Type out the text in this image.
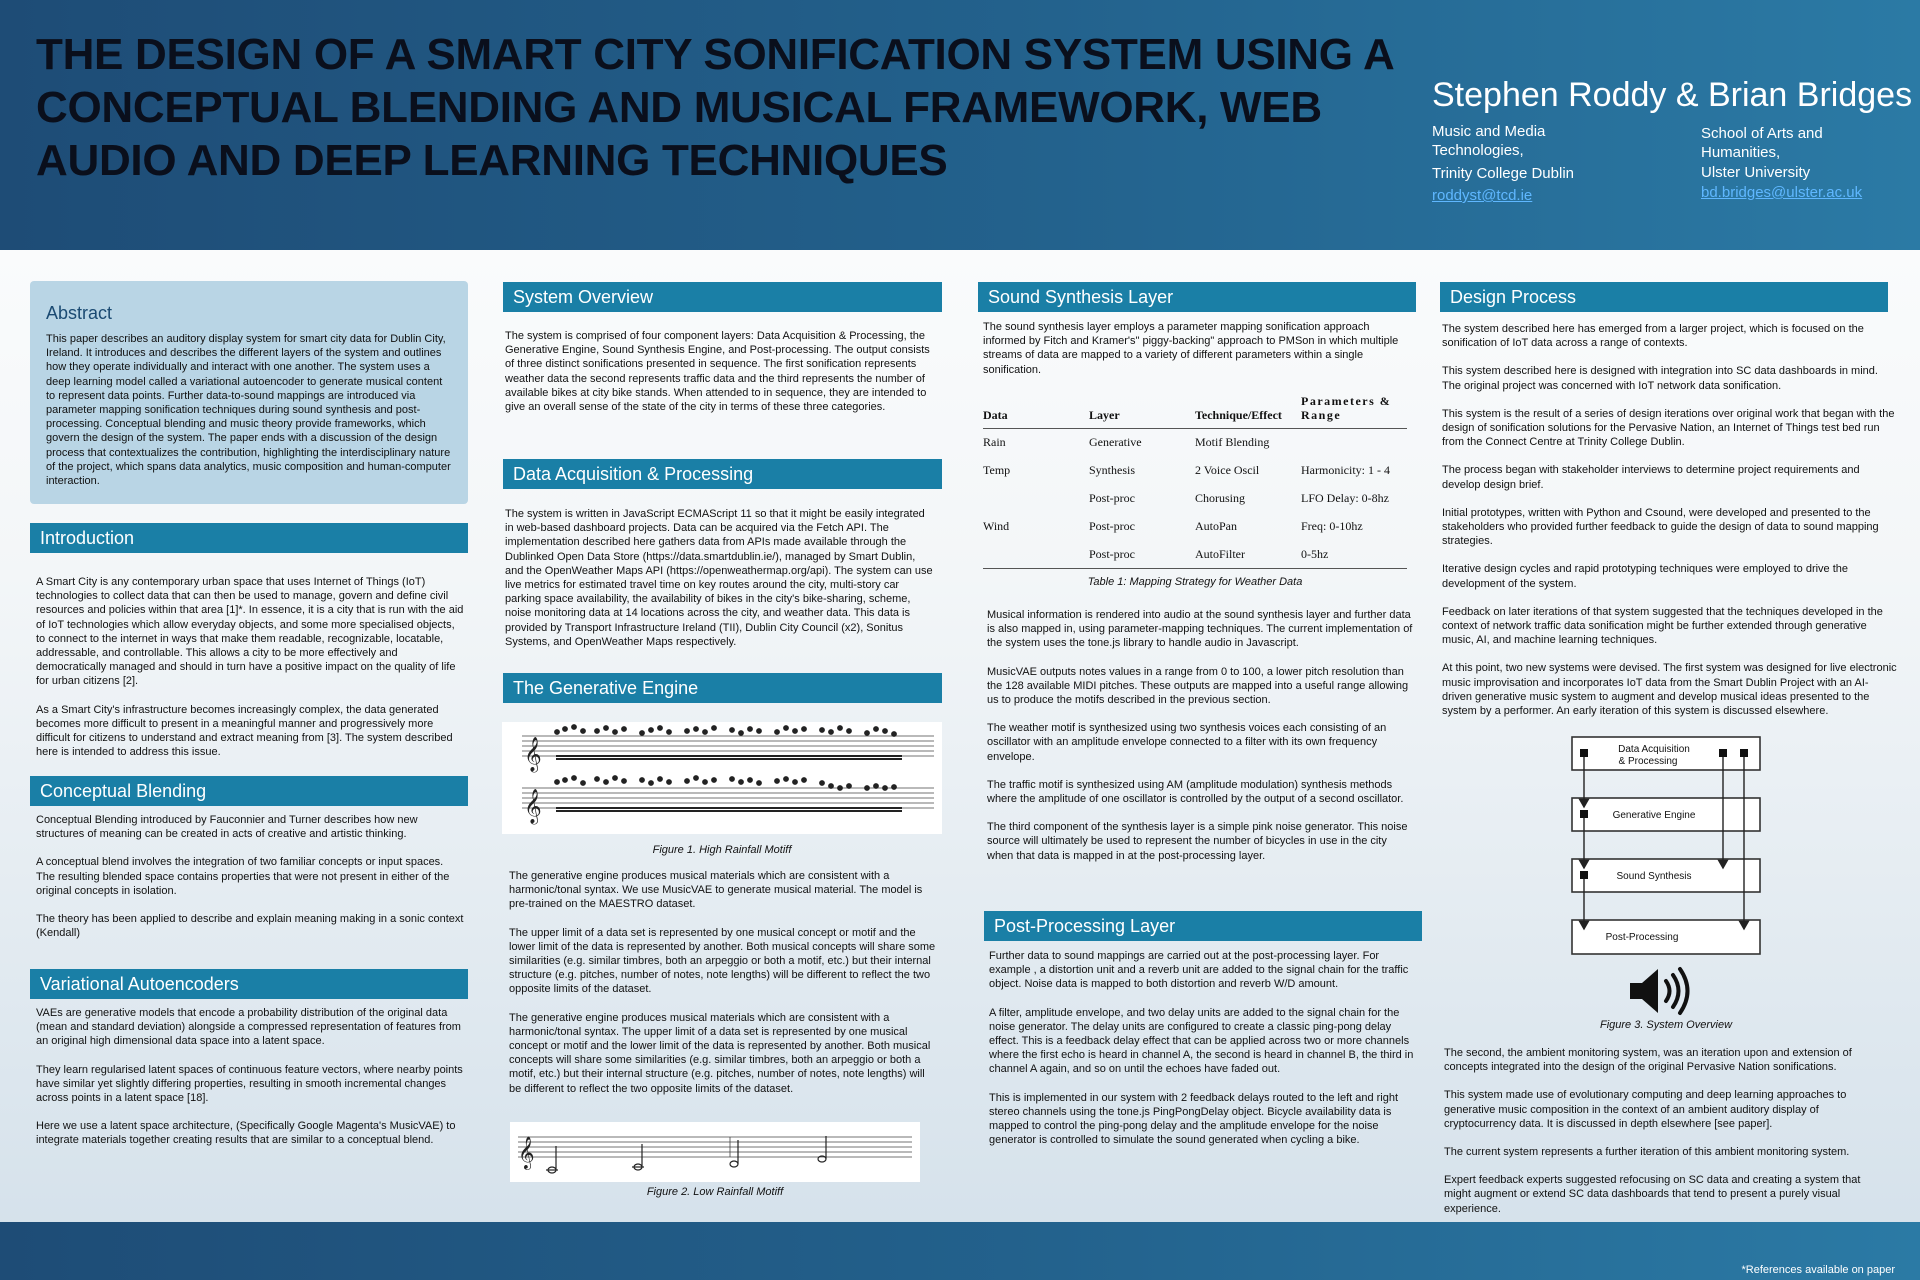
THE DESIGN OF A SMART CITY SONIFICATION SYSTEM USING A CONCEPTUAL BLENDING AND MUSICAL FRAMEWORK, WEB AUDIO AND DEEP LEARNING TECHNIQUES
Stephen Roddy & Brian Bridges
Music and Media Technologies,
Trinity College Dublin
roddyst@tcd.ie
School of Arts and Humanities,
Ulster University
bd.bridges@ulster.ac.uk
Abstract

This paper describes an auditory display system for smart city data for Dublin City, Ireland. It introduces and describes the different layers of the system and outlines how they operate individually and interact with one another. The system uses a deep learning model called a variational autoencoder to generate musical content to represent data points. Further data-to-sound mappings are introduced via parameter mapping sonification techniques during sound synthesis and post-processing. Conceptual blending and music theory provide frameworks, which govern the design of the system. The paper ends with a discussion of the design process that contextualizes the contribution, highlighting the interdisciplinary nature of the project, which spans data analytics, music composition and human-computer interaction.

Introduction

A Smart City is any contemporary urban space that uses Internet of Things (IoT) technologies to collect data that can then be used to manage, govern and define civil resources and policies within that area [1]*. In essence, it is a city that is run with the aid of IoT technologies which allow everyday objects, and some more specialised objects, to connect to the internet in ways that make them readable, recognizable, locatable, addressable, and controllable. This allows a city to be more effectively and democratically managed and should in turn have a positive impact on the quality of life for urban citizens [2].

As a Smart City's infrastructure becomes increasingly complex, the data generated becomes more difficult to present in a meaningful manner and progressively more difficult for citizens to understand and extract meaning from [3]. The system described here is intended to address this issue.

Conceptual Blending

Conceptual Blending introduced by Fauconnier and Turner describes how new structures of meaning can be created in acts of creative and artistic thinking.

A conceptual blend involves the integration of two familiar concepts or input spaces. The resulting blended space contains properties that were not present in either of the original concepts in isolation.

The theory has been applied to describe and explain meaning making in a sonic context (Kendall)

Variational Autoencoders

VAEs are generative models that encode a probability distribution of the original data (mean and standard deviation) alongside a compressed representation of features from an original high dimensional data space into a latent space.

They learn regularised latent spaces of continuous feature vectors, where nearby points have similar yet slightly differing properties, resulting in smooth incremental changes across points in a latent space [18].

Here we use a latent space architecture, (Specifically Google Magenta's MusicVAE) to integrate materials together creating results that are similar to a conceptual blend.

System Overview

The system is comprised of four component layers: Data Acquisition & Processing, the Generative Engine, Sound Synthesis Engine, and Post-processing. The output consists of three distinct sonifications presented in sequence. The first sonification represents weather data the second represents traffic data and the third represents the number of available bikes at city bike stands. When attended to in sequence, they are intended to give an overall sense of the state of the city in terms of these three categories.

Data Acquisition & Processing

The system is written in JavaScript ECMAScript 11 so that it might be easily integrated in web-based dashboard projects. Data can be acquired via the Fetch API. The implementation described here gathers data from APIs made available through the Dublinked Open Data Store (https://data.smartdublin.ie/), managed by Smart Dublin, and the OpenWeather Maps API (https://openweathermap.org/api). The system can use live metrics for estimated travel time on key routes around the city, multi-story car parking space availability, the availability of bikes in the city's bike-sharing, scheme, noise monitoring data at 14 locations across the city, and weather data. This data is provided by Transport Infrastructure Ireland (TII), Dublin City Council (x2), Sonitus Systems, and OpenWeather Maps respectively.

The Generative Engine
𝄞
𝄞
Figure 1. High Rainfall Motiff

The generative engine produces musical materials which are consistent with a harmonic/tonal syntax. We use MusicVAE to generate musical material. The model is pre-trained on the MAESTRO dataset.

The upper limit of a data set is represented by one musical concept or motif and the lower limit of the data is represented by another. Both musical concepts will share some similarities (e.g. similar timbres, both an arpeggio or both a motif, etc.) but their internal structure (e.g. pitches, number of notes, note lengths) will be different to reflect the two opposite limits of the dataset.

The generative engine produces musical materials which are consistent with a harmonic/tonal syntax. The upper limit of a data set is represented by one musical concept or motif and the lower limit of the data is represented by another. Both musical concepts will share some similarities (e.g. similar timbres, both an arpeggio or both a motif, etc.) but their internal structure (e.g. pitches, number of notes, note lengths) will be different to reflect the two opposite limits of the dataset.

𝄞
Figure 2. Low Rainfall Motiff
Sound Synthesis Layer

The sound synthesis layer employs a parameter mapping sonification approach informed by Fitch and Kramer's" piggy-backing" approach to PMSon in which multiple streams of data are mapped to a variety of different parameters within a single sonification.

Data	Layer	Technique/Effect	Parameters & Range
Rain	Generative	Motif Blending	
Temp	Synthesis	2 Voice Oscil	Harmonicity: 1 - 4
	Post-proc	Chorusing	LFO Delay: 0-8hz
Wind	Post-proc	AutoPan	Freq: 0-10hz
	Post-proc	AutoFilter	0-5hz
Table 1: Mapping Strategy for Weather Data

Musical information is rendered into audio at the sound synthesis layer and further data is also mapped in, using parameter-mapping techniques. The current implementation of the system uses the tone.js library to handle audio in Javascript.

MusicVAE outputs notes values in a range from 0 to 100, a lower pitch resolution than the 128 available MIDI pitches. These outputs are mapped into a useful range allowing us to produce the motifs described in the previous section.

The weather motif is synthesized using two synthesis voices each consisting of an oscillator with an amplitude envelope connected to a filter with its own frequency envelope.

The traffic motif is synthesized using AM (amplitude modulation) synthesis methods where the amplitude of one oscillator is controlled by the output of a second oscillator.

The third component of the synthesis layer is a simple pink noise generator. This noise source will ultimately be used to represent the number of bicycles in use in the city when that data is mapped in at the post-processing layer.

Post-Processing Layer

Further data to sound mappings are carried out at the post-processing layer. For example , a distortion unit and a reverb unit are added to the signal chain for the traffic object. Noise data is mapped to both distortion and reverb W/D amount.

A filter, amplitude envelope, and two delay units are added to the signal chain for the noise generator. The delay units are configured to create a classic ping-pong delay effect. This is a feedback delay effect that can be applied across two or more channels where the first echo is heard in channel A, the second is heard in channel B, the third in channel A again, and so on until the echoes have faded out.

This is implemented in our system with 2 feedback delays routed to the left and right stereo channels using the tone.js PingPongDelay object. Bicycle availability data is mapped to control the ping-pong delay and the amplitude envelope for the noise generator is controlled to simulate the sound generated when cycling a bike.

Design Process

The system described here has emerged from a larger project, which is focused on the sonification of IoT data across a range of contexts.

This system described here is designed with integration into SC data dashboards in mind. The original project was concerned with IoT network data sonification.

This system is the result of a series of design iterations over original work that began with the design of sonification solutions for the Pervasive Nation, an Internet of Things test bed run from the Connect Centre at Trinity College Dublin.

The process began with stakeholder interviews to determine project requirements and develop design brief.

Initial prototypes, written with Python and Csound, were developed and presented to the stakeholders who provided further feedback to guide the design of data to sound mapping strategies.

Iterative design cycles and rapid prototyping techniques were employed to drive the development of the system.

Feedback on later iterations of that system suggested that the techniques developed in the context of network traffic data sonification might be further extended through generative music, AI, and machine learning techniques.

At this point, two new systems were devised. The first system was designed for live electronic music improvisation and incorporates IoT data from the Smart Dublin Project with an AI-driven generative music system to augment and develop musical ideas presented to the system by a performer. An early iteration of this system is discussed elsewhere.

Data Acquisition
& Processing
Generative Engine
Sound Synthesis
Post-Processing
Figure 3. System Overview

The second, the ambient monitoring system, was an iteration upon and extension of concepts integrated into the design of the original Pervasive Nation sonifications.

This system made use of evolutionary computing and deep learning approaches to generative music composition in the context of an ambient auditory display of cryptocurrency data. It is discussed in depth elsewhere [see paper].

The current system represents a further iteration of this ambient monitoring system.

Expert feedback experts suggested refocusing on SC data and creating a system that might augment or extend SC data dashboards that tend to present a purely visual experience.

*References available on paper
